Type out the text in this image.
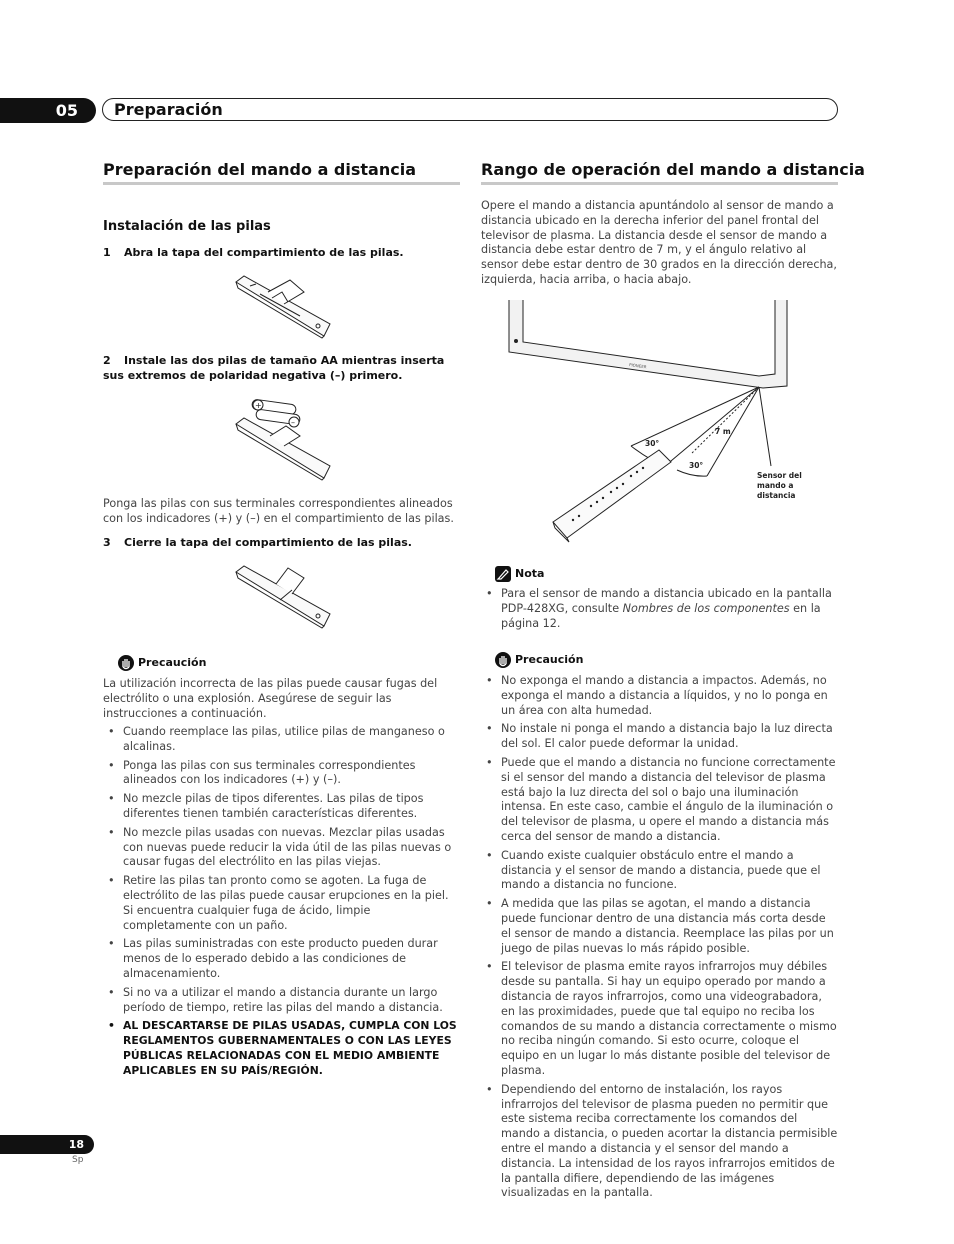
05	Preparación
Preparación del mando a distancia
Instalación de las pilas
1 Abra la tapa del compartimiento de las pilas.
2 Instale las dos pilas de tamaño AA mientras inserta sus extremos de polaridad negativa (–) primero.
+
–
Ponga las pilas con sus terminales correspondientes alineados con los indicadores (+) y (–) en el compartimiento de las pilas.
3 Cierre la tapa del compartimiento de las pilas.
Precaución
La utilización incorrecta de las pilas puede causar fugas del electrólito o una explosión. Asegúrese de seguir las instrucciones a continuación.
• Cuando reemplace las pilas, utilice pilas de manganeso o alcalinas.
• Ponga las pilas con sus terminales correspondientes alineados con los indicadores (+) y (–).
• No mezcle pilas de tipos diferentes. Las pilas de tipos diferentes tienen también características diferentes.
• No mezcle pilas usadas con nuevas. Mezclar pilas usadas con nuevas puede reducir la vida útil de las pilas nuevas o causar fugas del electrólito en las pilas viejas.
• Retire las pilas tan pronto como se agoten. La fuga de electrólito de las pilas puede causar erupciones en la piel. Si encuentra cualquier fuga de ácido, limpie completamente con un paño.
• Las pilas suministradas con este producto pueden durar menos de lo esperado debido a las condiciones de almacenamiento.
• Si no va a utilizar el mando a distancia durante un largo período de tiempo, retire las pilas del mando a distancia.
• AL DESCARTARSE DE PILAS USADAS, CUMPLA CON LOS REGLAMENTOS GUBERNAMENTALES O CON LAS LEYES PÚBLICAS RELACIONADAS CON EL MEDIO AMBIENTE APLICABLES EN SU PAÍS/REGIÓN.
Rango de operación del mando a distancia
Opere el mando a distancia apuntándolo al sensor de mando a distancia ubicado en la derecha inferior del panel frontal del televisor de plasma. La distancia desde el sensor de mando a distancia debe estar dentro de 7 m, y el ángulo relativo al sensor debe estar dentro de 30 grados en la dirección derecha, izquierda, hacia arriba, o hacia abajo.
PIONEER
7 m
30°
30°
Sensor del
mando a
distancia
Nota
• Para el sensor de mando a distancia ubicado en la pantalla PDP-428XG, consulte Nombres de los componentes en la página 12.
Precaución
• No exponga el mando a distancia a impactos. Además, no exponga el mando a distancia a líquidos, y no lo ponga en un área con alta humedad.
• No instale ni ponga el mando a distancia bajo la luz directa del sol. El calor puede deformar la unidad.
• Puede que el mando a distancia no funcione correctamente si el sensor del mando a distancia del televisor de plasma está bajo la luz directa del sol o bajo una iluminación intensa. En este caso, cambie el ángulo de la iluminación o del televisor de plasma, u opere el mando a distancia más cerca del sensor de mando a distancia.
• Cuando existe cualquier obstáculo entre el mando a distancia y el sensor de mando a distancia, puede que el mando a distancia no funcione.
• A medida que las pilas se agotan, el mando a distancia puede funcionar dentro de una distancia más corta desde el sensor de mando a distancia. Reemplace las pilas por un juego de pilas nuevas lo más rápido posible.
• El televisor de plasma emite rayos infrarrojos muy débiles desde su pantalla. Si hay un equipo operado por mando a distancia de rayos infrarrojos, como una videograbadora, en las proximidades, puede que tal equipo no reciba los comandos de su mando a distancia correctamente o mismo no reciba ningún comando. Si esto ocurre, coloque el equipo en un lugar lo más distante posible del televisor de plasma.
• Dependiendo del entorno de instalación, los rayos infrarrojos del televisor de plasma pueden no permitir que este sistema reciba correctamente los comandos del mando a distancia, o pueden acortar la distancia permisible entre el mando a distancia y el sensor del mando a distancia. La intensidad de los rayos infrarrojos emitidos de la pantalla difiere, dependiendo de las imágenes visualizadas en la pantalla.
18
Sp
